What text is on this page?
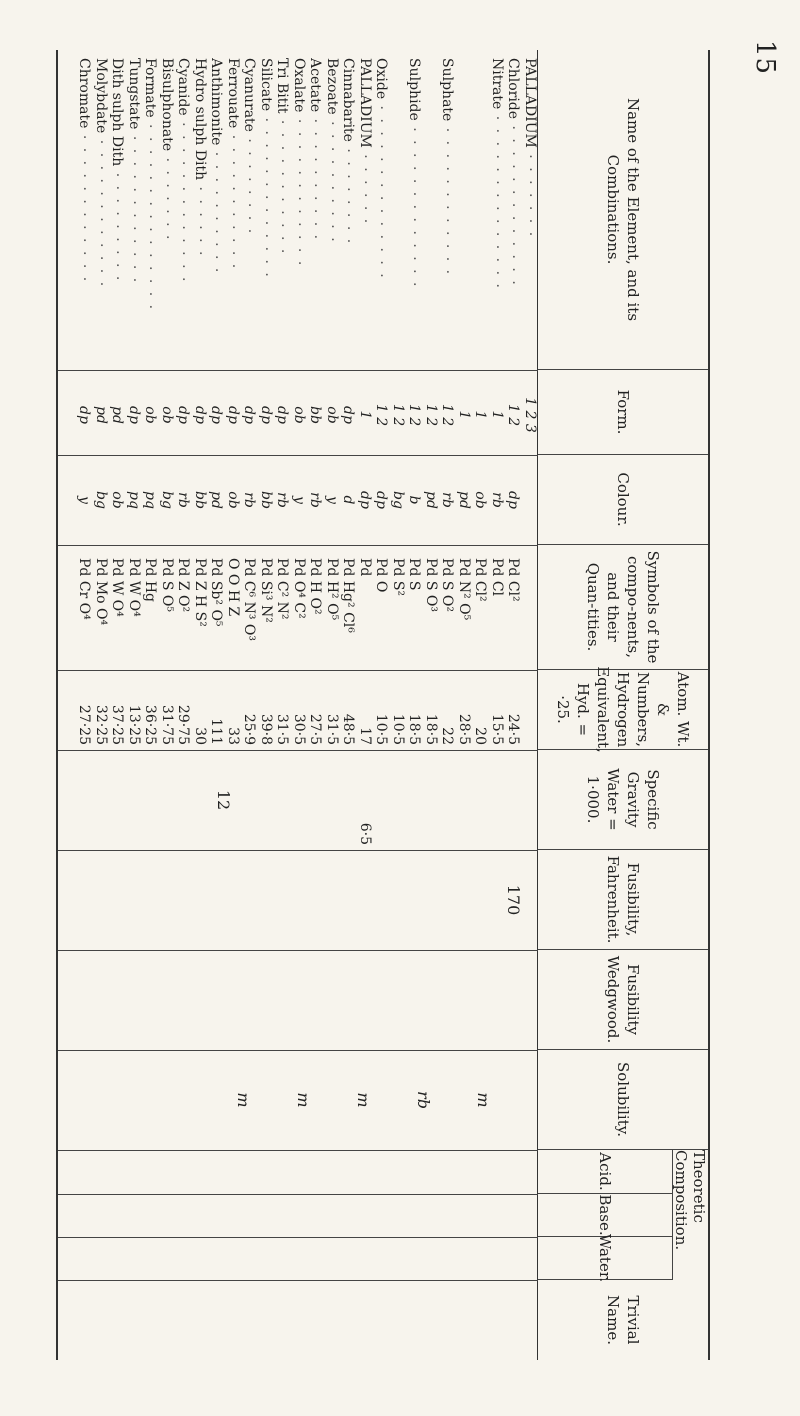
15
Name of the Element, and its Combinations.
Form.
Colour.
Symbols of the compo-nents, and their Quan-tities.
Atom. Wt. & Numbers, Hydrogen Equivalent, Hyd. = ·25.
Specific Gravity Water = 1·000.
Fusibility, Fahrenheit.
Fusibility Wedgwood.
Solubility.
Theoretic Composition.
Acid.
Base.
Water.
Trivial Name.
170
12
PALLADIUM · · · · · · ·
1 2 3
Chloride · · · · · · · · · · · · ·
1 2
dp
Pd Cl²
24·5
Nitrate · · · · · · · · · · · · · ·
1
rb
Pd Cl
15·5
1
ob
Pd Cl²
20
1
pd
Pd N² O⁵
28·5
Sulphate · · · · · · · · · · · ·
1 2
rb
Pd S O²
22
1 2
pd
Pd S O³
18·5
Sulphide · · · · · · · · · · · · ·
1 2
b
Pd S
18·5
1 2
bg
Pd S²
10·5
Oxide · · · · · · · · · · · · · ·
1 2
dp
Pd O
10·5
PALLADIUM · · · · · ·
1
dp
Pd
17
6·5
Cinnabarite · · · · · · · ·
dp
d
Pd Hg² Cl⁶
48·5
Bezoate · · · · · · · · · ·
ob
y
Pd H² O⁵
31·5
Acetate · · · · · · · · · ·
bb
rb
Pd H O²
27·5
Oxalate · · · · · · · · · · · ·
ob
y
Pd O⁴ C²
30·5
Tri Bitit · · · · · · · · · · ·
dp
rb
Pd C² N²
31·5
Silicate · · · · · · · · · · · · ·
dp
bb
Pd Si³ N²
39·8
Cyanurate · · · · · · · ·
dp
rb
Pd C⁶ N³ O³
25·9
Ferrouate · · · · · · · · · · ·
dp
ob
O O H Z
33
Anthimonite · · · · · · · · · ·
dp
pd
Pd Sb² O⁵
111
Hydro sulph Dith · · · · · ·
dp
bb
Pd Z H S²
30
Cyanide · · · · · · · · · · · · ·
dp
rb
Pd Z O²
29·75
Bisulphonate · · · · · · ·
ob
bg
Pd S O⁵
31·75
Formate · · · · · · · · · · · · · · ·
ob
pq
Pd Hg
36·25
Tungstate · · · · · · · · · · · ·
dp
pq
Pd W O⁴
13·25
Dith sulph Dith · · · · · · · · ·
pd
ob
Pd W O⁴
37·25
Molybdate · · · · · · · · · · · ·
pd
bg
Pd Mo O⁴
32·25
Chromate · · · · · · · · · · · ·
dp
y
Pd Cr O⁴
27·25
m
rb
m
m
m
